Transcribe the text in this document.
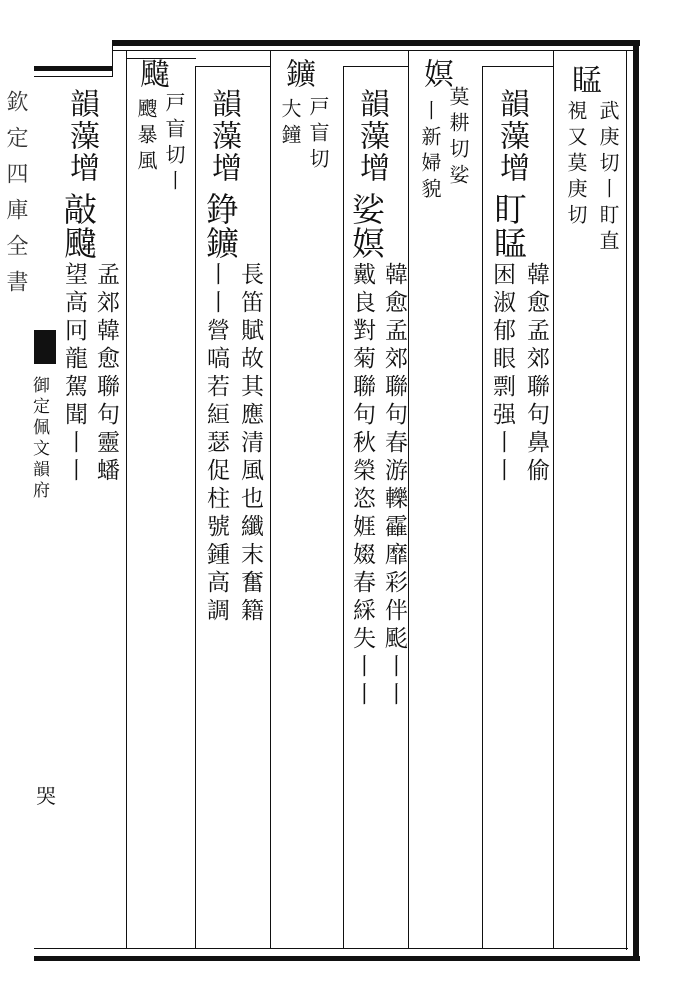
䁅
武庚切丨盯直
視又莫庚切
韻藻增
盯䁅
韓愈孟郊聯句鼻偷
困淑郁眼剽强丨丨
嫇
莫耕切娑
丨新婦貌
韻藻增
娑嫇
韓愈孟郊聯句春游轢靃靡彩伴颩丨丨
戴良對菊聯句秋榮恣娾娺春綵失丨丨
鑛
戸盲切
大鐘
韻藻增
錚鑛
長笛賦故其應清風也纖末奮籍
丨丨營嗃若絙瑟促柱號鍾高調
颹
戸盲切丨
颼暴風
韻藻增
敲颹
孟郊韓愈聯句靈蟠
望高冋龍駕聞丨丨
欽定四庫全書
御定佩文韻府
哭
